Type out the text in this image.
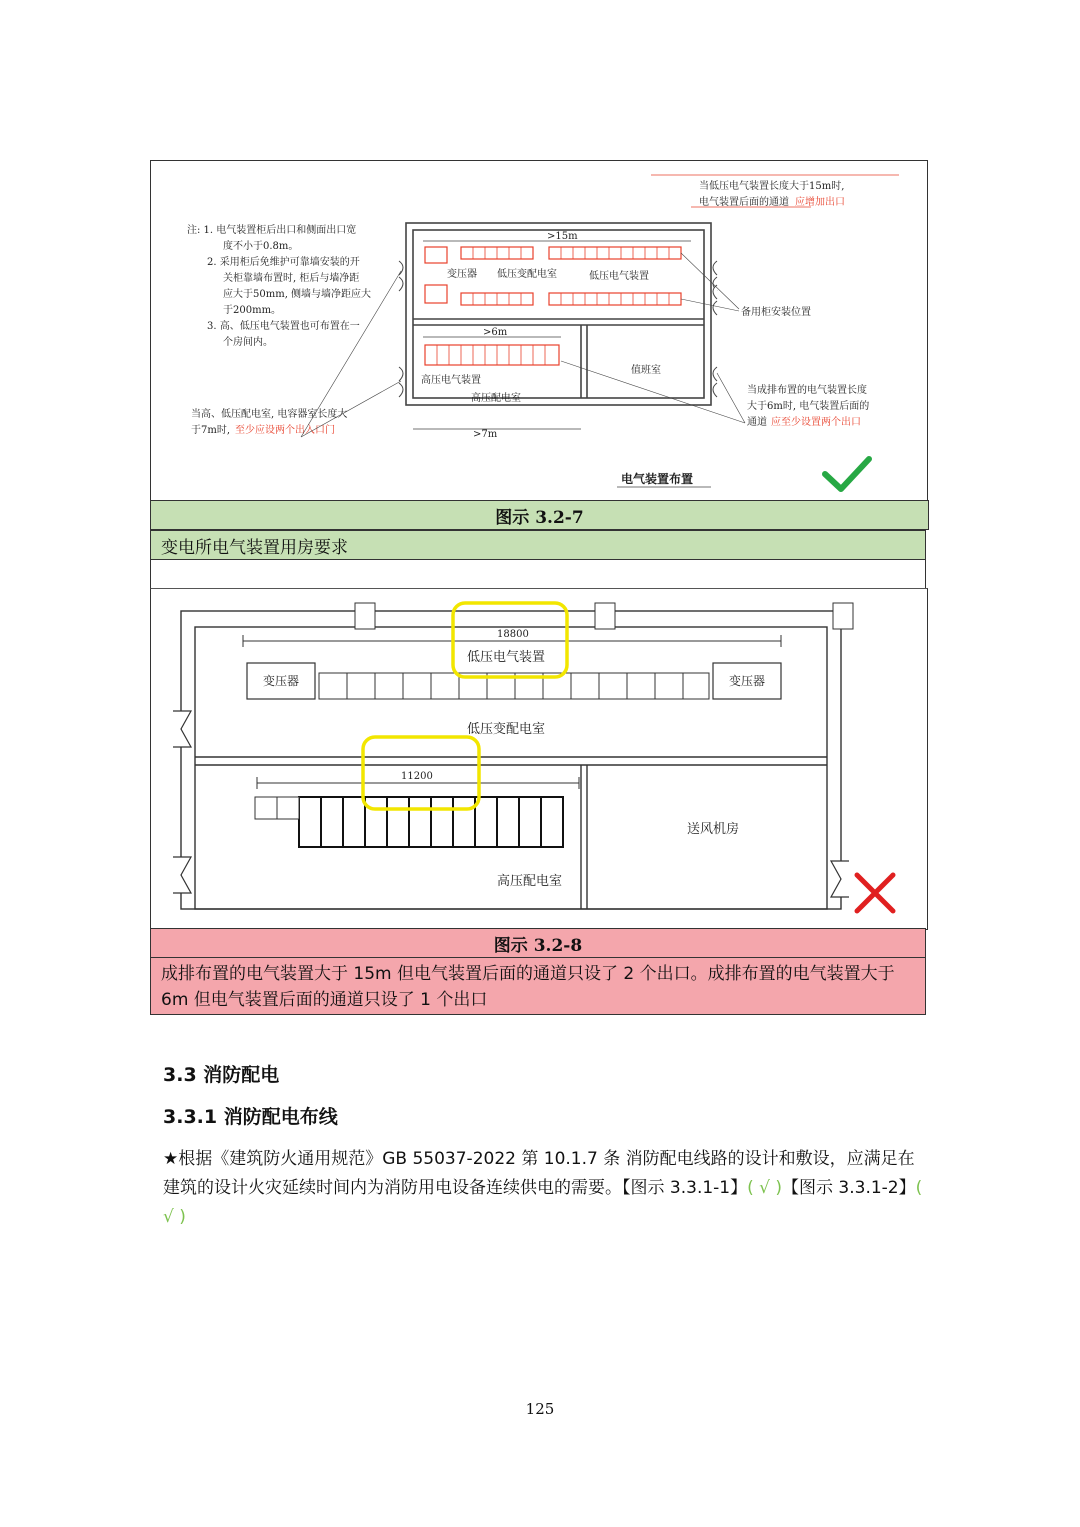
注: 1. 电气装置柜后出口和侧面出口宽
度不小于0.8m。
2. 采用柜后免维护可靠墙安装的开
关柜靠墙布置时, 柜后与墙净距
应大于50mm, 侧墙与墙净距应大
于200mm。
3. 高、低压电气装置也可布置在一
个房间内。
当低压电气装置长度大于15m时,
电气装置后面的通道 应增加出口
>15m
变压器 低压变配电室	低压电气装置
备用柜安装位置
>6m
高压电气装置
高压配电室
值班室
>7m
当成排布置的电气装置长度
大于6m时, 电气装置后面的
通道 应至少设置两个出口
当高、低压配电室, 电容器室长度大
于7m时, 至少应设两个出入口门
电气装置布置
图示 3.2-7
变电所电气装置用房要求
18800
低压电气装置
变压器	变压器
低压变配电室
11200
送风机房
高压配电室
图示 3.2-8
成排布置的电气装置大于 15m 但电气装置后面的通道只设了 2 个出口。成排布置的电气装置大于 6m 但电气装置后面的通道只设了 1 个出口
3.3 消防配电
3.3.1 消防配电布线
★根据《建筑防火通用规范》GB 55037-2022 第 10.1.7 条 消防配电线路的设计和敷设，应满足在建筑的设计火灾延续时间内为消防用电设备连续供电的需要。【图示 3.3.1-1】( √ )【图示 3.3.1-2】( √ )
125
